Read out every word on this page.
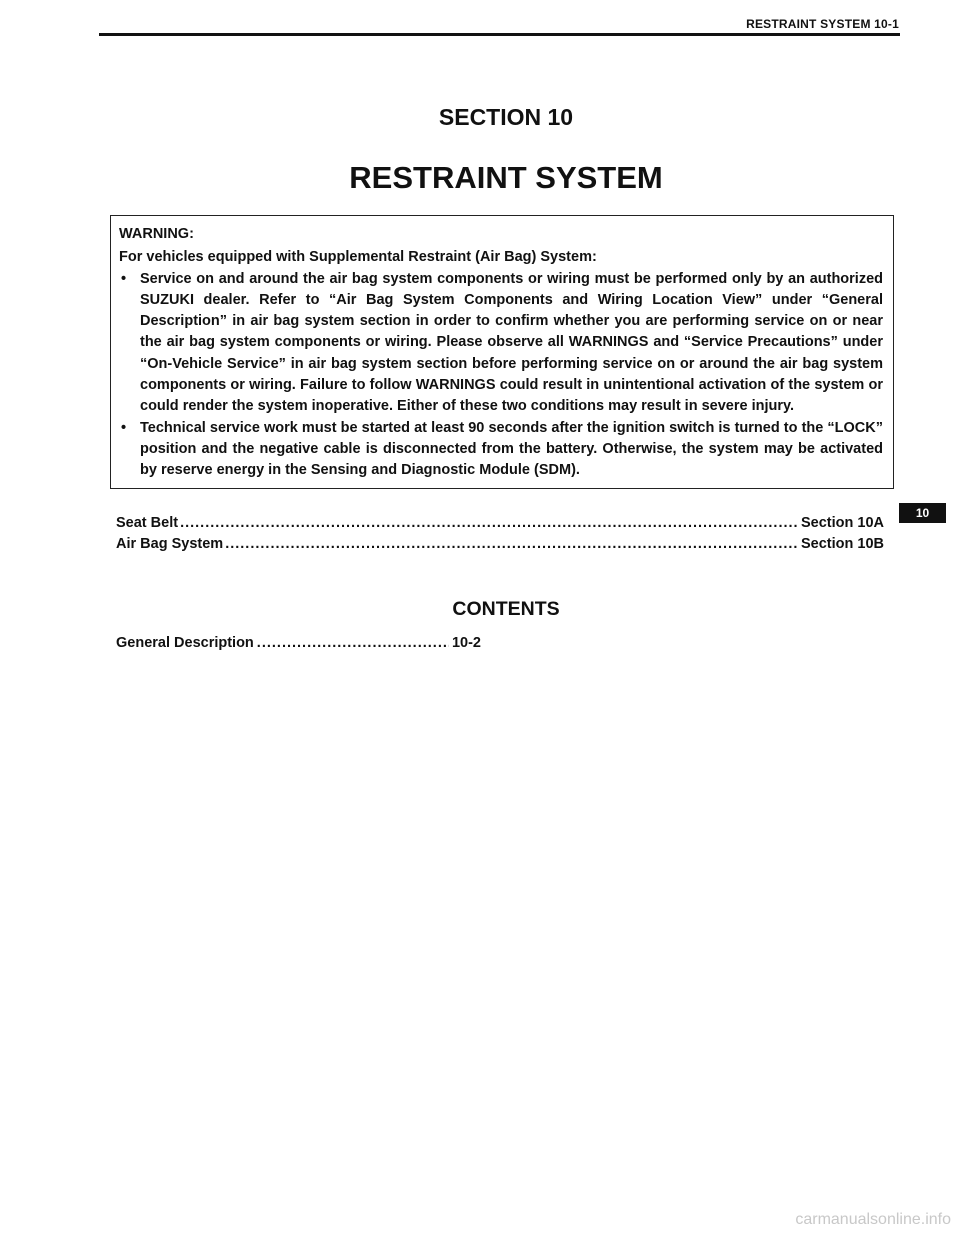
RESTRAINT SYSTEM 10-1
SECTION 10
RESTRAINT SYSTEM

WARNING:

For vehicles equipped with Supplemental Restraint (Air Bag) System:

• Service on and around the air bag system components or wiring must be performed only by an authorized SUZUKI dealer. Refer to “Air Bag System Components and Wiring Location View” under “General Description” in air bag system section in order to confirm whether you are performing service on or near the air bag system components or wiring. Please observe all WARNINGS and “Service Precautions” under “On-Vehicle Service” in air bag system section before performing service on or around the air bag system components or wiring. Failure to follow WARNINGS could result in unintentional activation of the system or could render the system inoperative. Either of these two conditions may result in severe injury.
• Technical service work must be started at least 90 seconds after the ignition switch is turned to the “LOCK” position and the negative cable is disconnected from the battery. Otherwise, the system may be activated by reserve energy in the Sensing and Diagnostic Module (SDM).
Seat Belt .....	Section 10A
Air Bag System .....	Section 10B
10
CONTENTS
General Description .....	10-2
carmanualsonline.info
